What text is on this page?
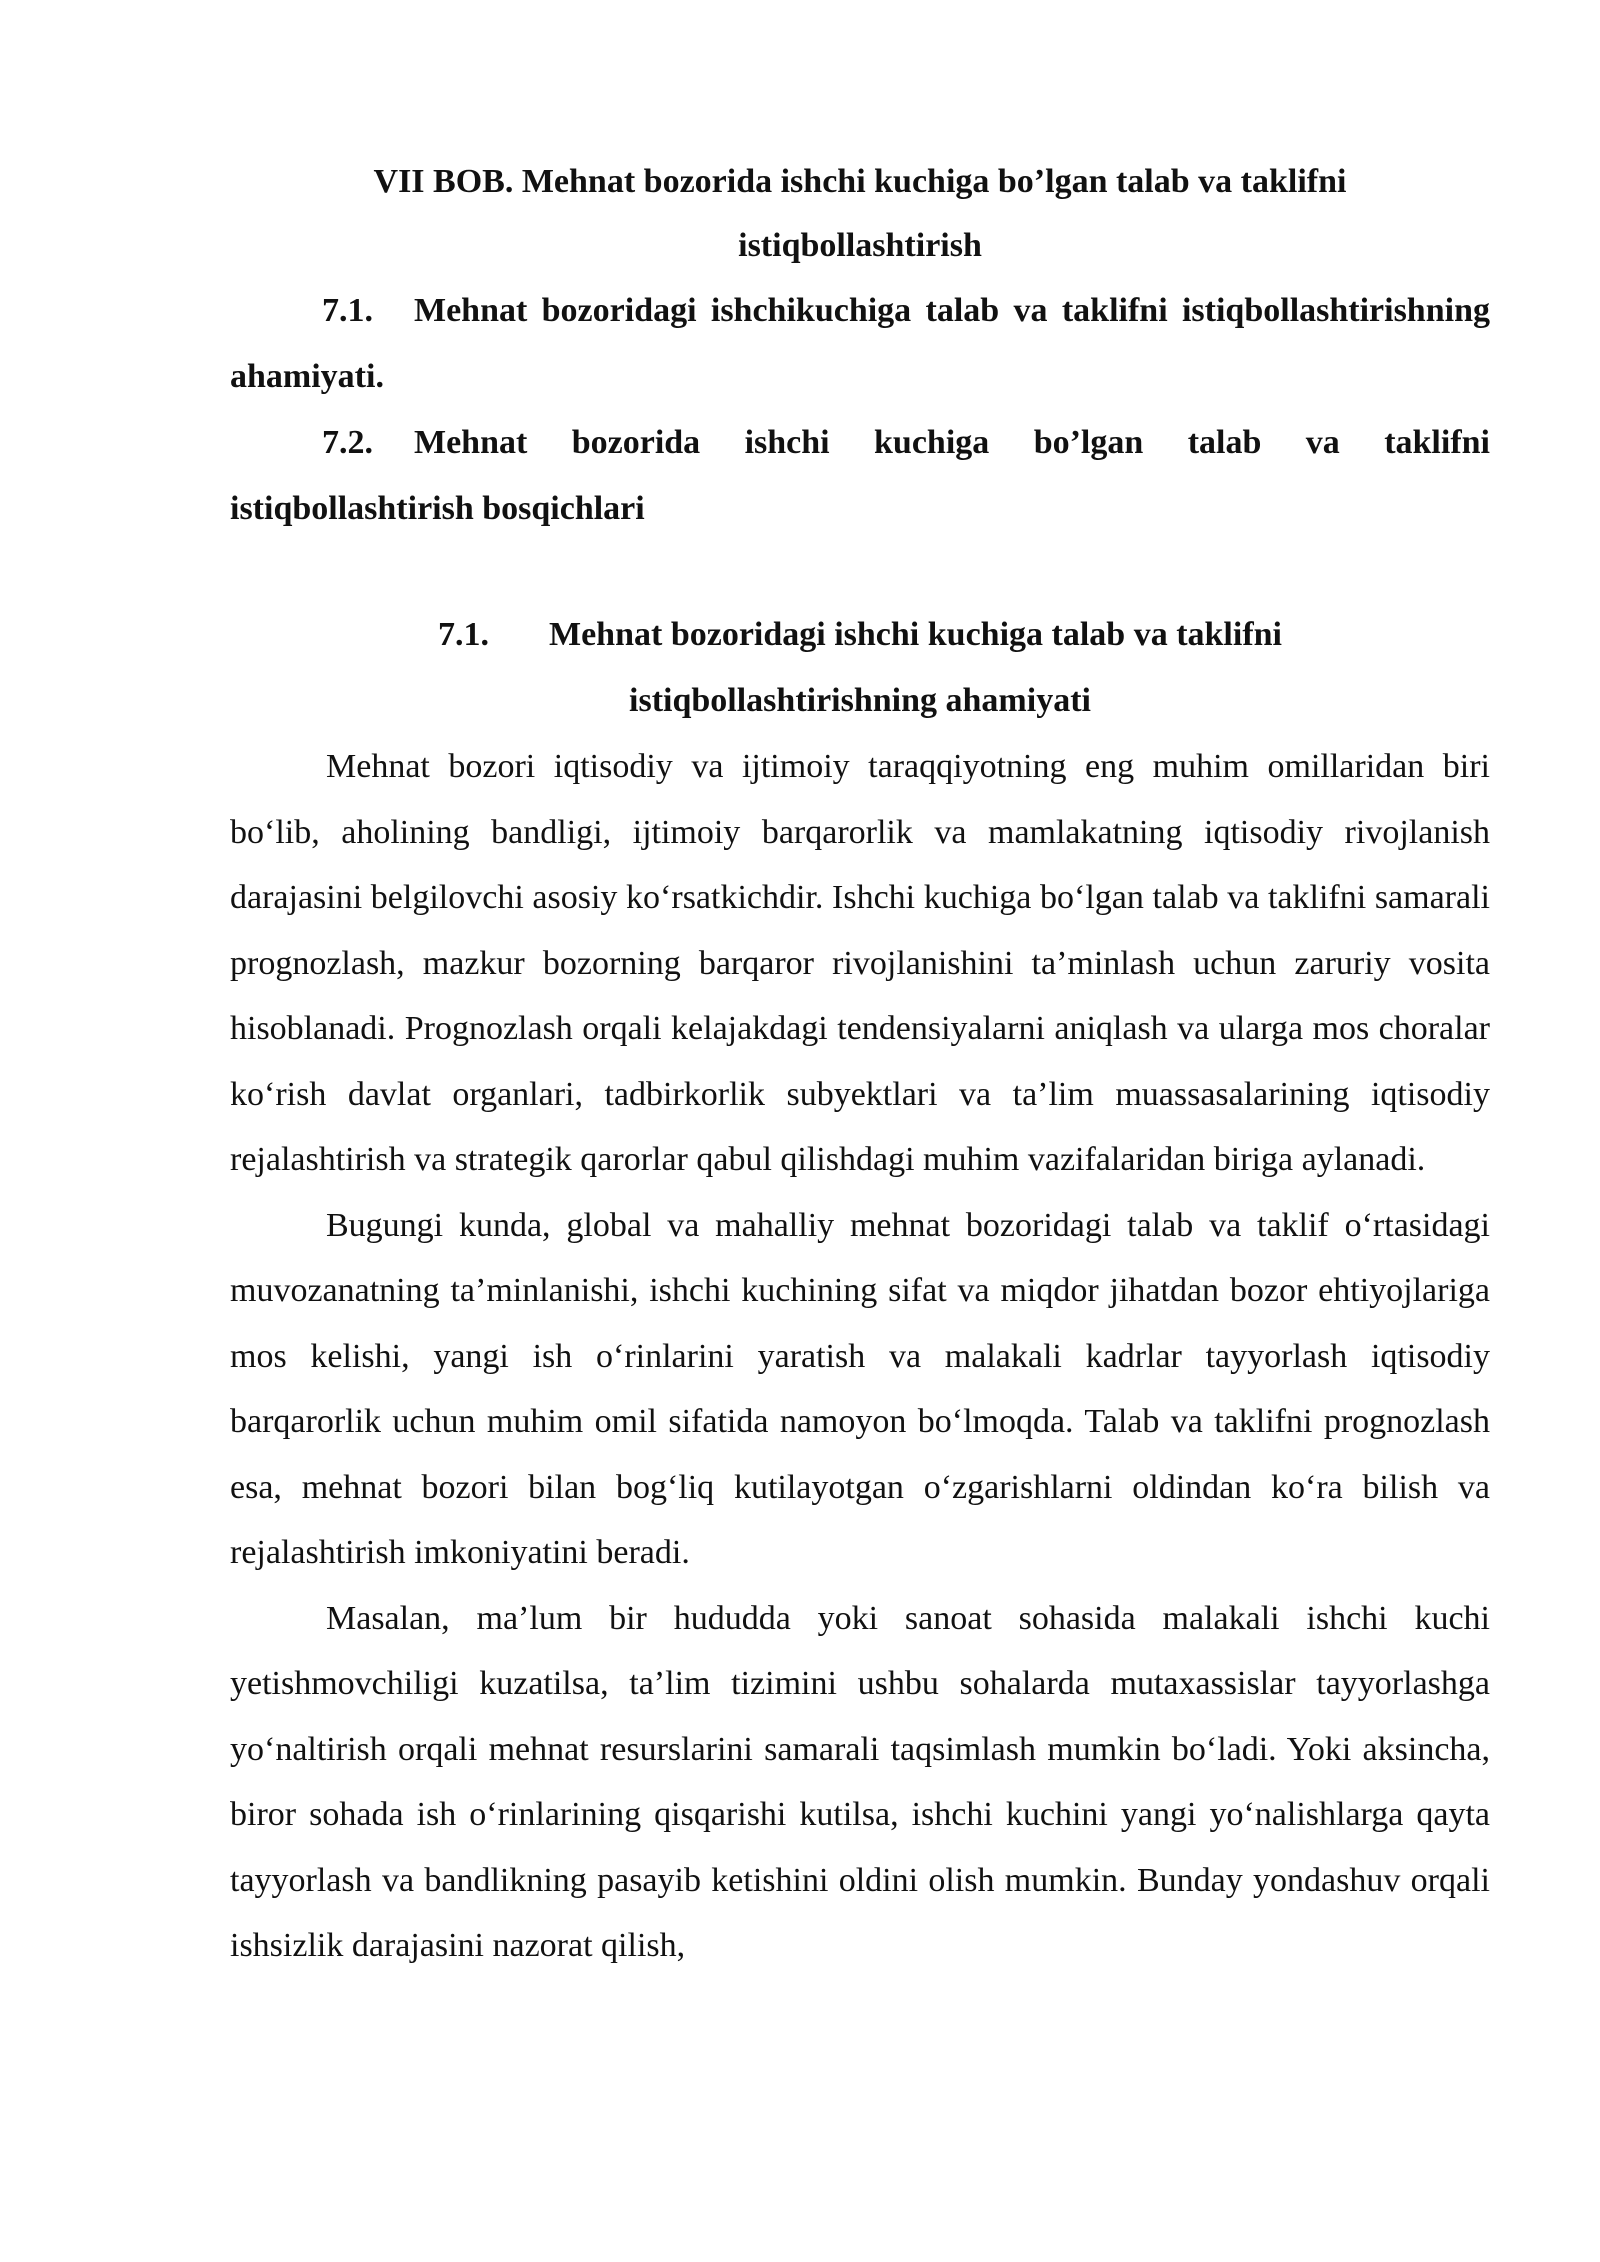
VII BOB. Mehnat bozorida ishchi kuchiga bo’lgan talab va taklifni istiqbollashtirish

7.1. Mehnat bozoridagi ishchikuchiga talab va taklifni istiqbollashtirishning ahamiyati.

7.2. Mehnat bozorida ishchi kuchiga bo’lgan talab va taklifni istiqbollashtirish bosqichlari

7.1. Mehnat bozoridagi ishchi kuchiga talab va taklifni istiqbollashtirishning ahamiyati

Mehnat bozori iqtisodiy va ijtimoiy taraqqiyotning eng muhim omillaridan biri bo‘lib, aholining bandligi, ijtimoiy barqarorlik va mamlakatning iqtisodiy rivojlanish darajasini belgilovchi asosiy ko‘rsatkichdir. Ishchi kuchiga bo‘lgan talab va taklifni samarali prognozlash, mazkur bozorning barqaror rivojlanishini ta’minlash uchun zaruriy vosita hisoblanadi. Prognozlash orqali kelajakdagi tendensiyalarni aniqlash va ularga mos choralar ko‘rish davlat organlari, tadbirkorlik subyektlari va ta’lim muassasalarining iqtisodiy rejalashtirish va strategik qarorlar qabul qilishdagi muhim vazifalaridan biriga aylanadi.

Bugungi kunda, global va mahalliy mehnat bozoridagi talab va taklif o‘rtasidagi muvozanatning ta’minlanishi, ishchi kuchining sifat va miqdor jihatdan bozor ehtiyojlariga mos kelishi, yangi ish o‘rinlarini yaratish va malakali kadrlar tayyorlash iqtisodiy barqarorlik uchun muhim omil sifatida namoyon bo‘lmoqda. Talab va taklifni prognozlash esa, mehnat bozori bilan bog‘liq kutilayotgan o‘zgarishlarni oldindan ko‘ra bilish va rejalashtirish imkoniyatini beradi.

Masalan, ma’lum bir hududda yoki sanoat sohasida malakali ishchi kuchi yetishmovchiligi kuzatilsa, ta’lim tizimini ushbu sohalarda mutaxassislar tayyorlashga yo‘naltirish orqali mehnat resurslarini samarali taqsimlash mumkin bo‘ladi. Yoki aksincha, biror sohada ish o‘rinlarining qisqarishi kutilsa, ishchi kuchini yangi yo‘nalishlarga qayta tayyorlash va bandlikning pasayib ketishini oldini olish mumkin. Bunday yondashuv orqali ishsizlik darajasini nazorat qilish,
